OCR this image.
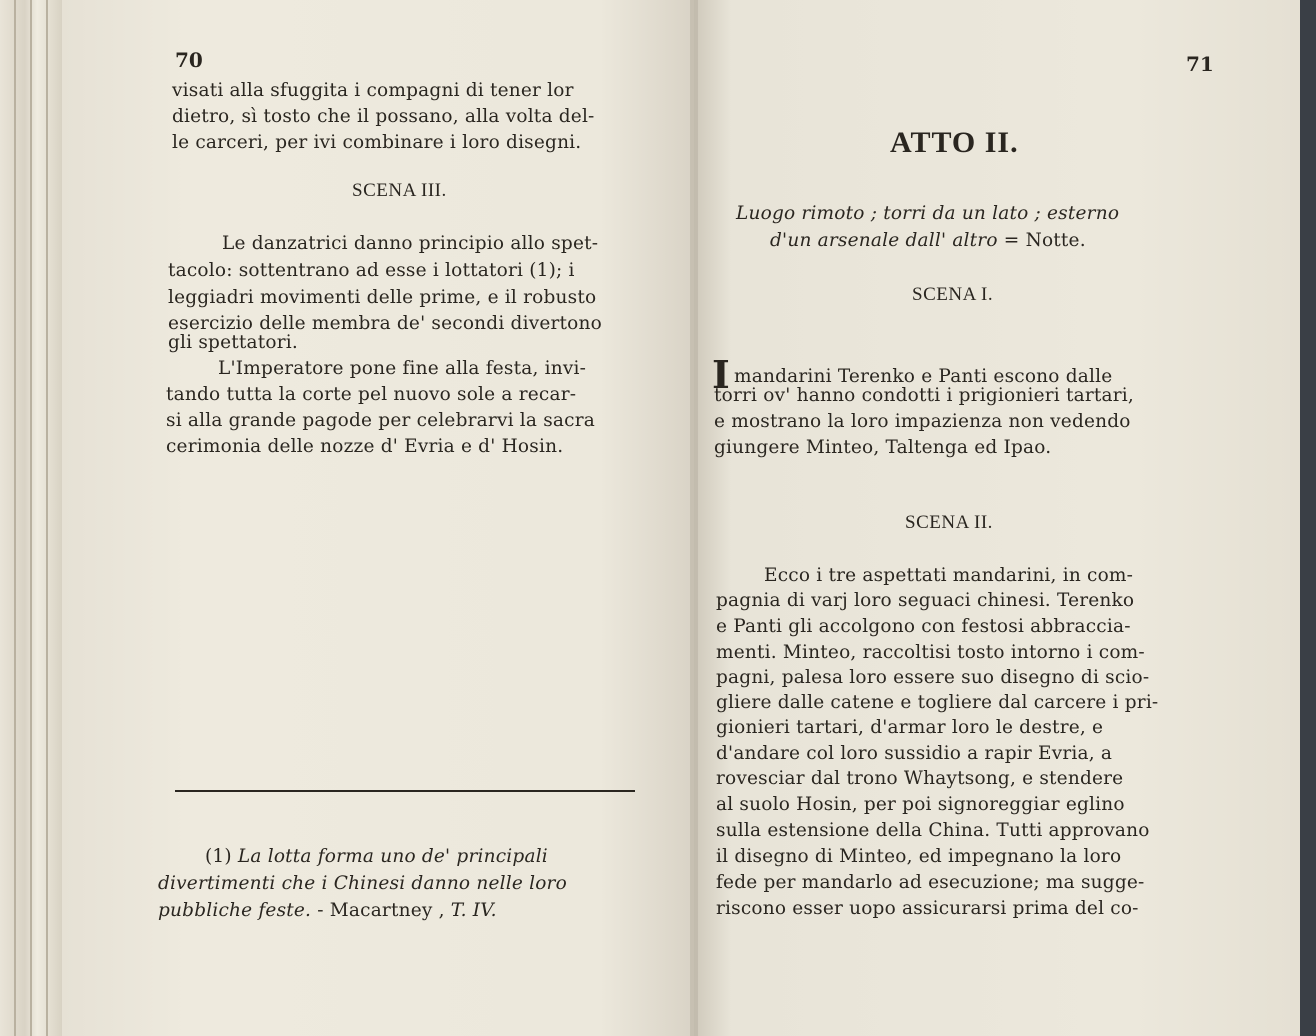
70
visati alla sfuggita i compagni di tener lor
dietro, sì tosto che il possano, alla volta del-
le carceri, per ivi combinare i loro disegni.
SCENA III.
Le danzatrici danno principio allo spet-
tacolo: sottentrano ad esse i lottatori (1); i
leggiadri movimenti delle prime, e il robusto
esercizio delle membra de' secondi divertono
gli spettatori.
L'Imperatore pone fine alla festa, invi-
tando tutta la corte pel nuovo sole a recar-
si alla grande pagode per celebrarvi la sacra
cerimonia delle nozze d' Evria e d' Hosin.

(1) La lotta forma uno de' principali
divertimenti che i Chinesi danno nelle loro
pubbliche feste. - Macartney , T. IV.
71
ATTO II.
Luogo rimoto ; torri da un lato ; esterno
d'un arsenale dall' altro = Notte.
SCENA I.
Imandarini Terenko e Panti escono dalle
torri ov' hanno condotti i prigionieri tartari,
e mostrano la loro impazienza non vedendo
giungere Minteo, Taltenga ed Ipao.
SCENA II.
Ecco i tre aspettati mandarini, in com-
pagnia di varj loro seguaci chinesi. Terenko
e Panti gli accolgono con festosi abbraccia-
menti. Minteo, raccoltisi tosto intorno i com-
pagni, palesa loro essere suo disegno di scio-
gliere dalle catene e togliere dal carcere i pri-
gionieri tartari, d'armar loro le destre, e
d'andare col loro sussidio a rapir Evria, a
rovesciar dal trono Whaytsong, e stendere
al suolo Hosin, per poi signoreggiar eglino
sulla estensione della China. Tutti approvano
il disegno di Minteo, ed impegnano la loro
fede per mandarlo ad esecuzione; ma sugge-
riscono esser uopo assicurarsi prima del co-
